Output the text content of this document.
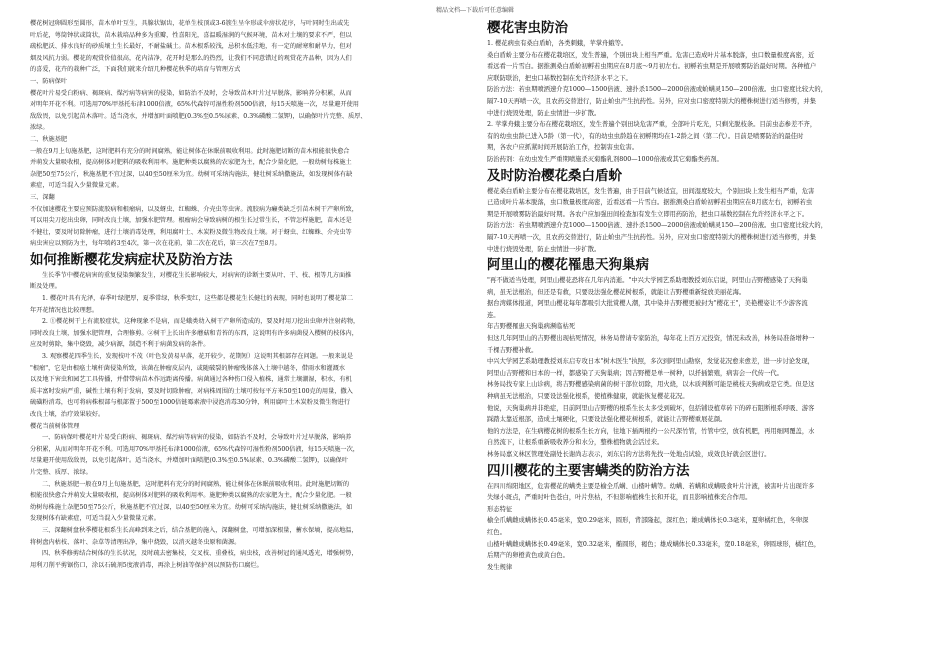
精品文档---下载后可任意编辑

樱花树冠卵圆形至圆形，苗木单叶互生，具腺状锯齿，花单生枝顶或3-6簇生呈伞形或伞房状花序，与叶同时生出或先

叶后花，萼筒钟状或筒状，苗木栽培品种多为重瓣，性喜阳光，喜温暖湿润的气候环境，苗木对土壤的要求不严，但以

疏松肥沃、排水良好的砂质壤土生长最好，不耐盐碱土。苗木根系较浅，忌积水低洼地，有一定的耐寒和耐旱力，但对

烟及风抗力弱。樱花的观赏价值很高，花内洁净，花开时是那么的热烈，让我们不同意错过的观赏花卉品种，因为人们

的喜爱，花卉的栽种广泛，下面我们就来介绍几种樱花秋季的培育与管理方式

一、防病保叶

樱花叶片易受白粉病、褐斑病、煤污病等病害的侵染，如防治不及时，会导致苗木叶片过早脱落，影响养分积累，从而

对明年开花不利。可选用70%甲基托布津1000倍液，65%代森锌可湿性粉剂500倍液，每15天喷施一次，尽量避开使用

敌敌畏，以免引起苗木落叶。适当浇水，并增加叶面喷肥(0.3%至0.5%尿素、0.3%磷酸二氢钾)，以确保叶片完整、质厚、

浓绿。

二、秋施基肥

一般在9月上旬施基肥，这时肥料有充分的时间腐熟，能让树体在休眠前吸收利用。此时施肥切断的苗木根能很快愈合

并萌发大量吸收根，提高树体对肥料的吸收利用率。施肥种类以腐熟的农家肥为主，配合少量化肥，一般幼树每株施土

杂肥50至75公斤，秋施基肥不宜过深，以40至50厘米为宜。幼树可采纳沟施法，健壮树采纳撒施法，如发现树体有缺

素症，可适当混入少量微量元素。

三、深翻

不仅加速樱花主要应预防流胶病和根瘤病，以及蚜虫、红蜘蛛、介壳虫等虫害。流胶病为癞类缺乏引苗木树干产卵所致，

可以用尖刀挖出虫卵，同时改良土壤，加强水肥管理。根瘤病会导致病树的根生长过常生长，不管怎样施肥，苗木还是

不健壮，要及时切除肿瘤，进行土壤消毒处理，利用腐叶土、木炭粉及微生物改良土壤。对于蚜虫、红蜘蛛、介壳虫等

病虫害应以预防为主，每年喷药3至4次，第一次在花前，第二次在花后，第三次在7至8月。

如何推断樱花发病症状及防治方法

生长季节中樱花病害的重复侵染频繁发生，对樱花生长影响较大，对病害的诊断主要从叶、干、枝、根等几方面推

断及处理。

1. 樱花叶具有光泽，春季叶绿肥厚，夏季常绿，秋季变红，这些都是樱花生长健壮的表现，同时也说明了樱花第二

年开花情况也比较理想。

2. ①樱花树干上有流胶症状，这种现象不是病，而是蛾类幼入树干产卵所造成的，要及时用刀挖出虫卵并注射药物，

同时改良土壤，加强水肥管理，合理修剪。②树干上长出许多蘑菇和青苔的东西，这说明有许多病菌侵入樱树的枝体内，

应及时剪除，集中烧毁，减少病源，制造不利于病菌发病的条件。

3. 观察樱花四季生长，发现枝叶不茂（叶色发黄易早落，花开较少，花期短）这说明其根部存在问题。一般来说是

"根瘤"，它是由根癌土壤杆菌侵染所致，该菌在肿瘤皮层内，或随破裂的肿瘤残体落入土壤中越冬，借雨水和灌溉水

以及地下害虫和园艺工具传播，并借带病苗木作远距离传播。病菌通过各种伤口侵入植株，通常土壤潮湿，积水，有机

质丰富时发病严重，碱性土壤有利于发病，要及时切除肿瘤，对病株周围的土壤可按每平方米50至100克的用量，撒入

硫磺粉消毒，也可将病株根部与根部置于500至1000倍链霉素液中浸泡消毒30分钟，利用腐叶土木炭粉及微生物进行

改良土壤，治疗效果较好。

樱花当前树体管理

一、防病保叶樱花叶片易受白粉病、褐斑病、煤污病等病害的侵染，如防治不及时，会导致叶片过早脱落，影响养

分积累，从而对明年开花不利。可选用70%甲基托布津1000倍液，65%代森锌可湿性粉剂500倍液，每15天喷施一次，

尽量避开使用敌敌畏，以免引起落叶。适当浇水，并增加叶面喷肥(0.3%至0.5%尿素、0.3%磷酸二氢钾)，以确保叶

片完整、质厚、浓绿。

二、秋施基肥一般在9月上旬施基肥，这时肥料有充分的时间腐熟，能让树体在休眠前吸收利用。此时施肥切断的

根能很快愈合并萌发大量吸收根，提高树体对肥料的吸收利用率。施肥种类以腐熟的农家肥为主，配合少量化肥。一般

幼树每株施土杂肥50至75公斤，秋施基肥不宜过深，以40至50厘米为宜。幼树可采纳沟施法，健壮树采纳撒施法，如

发现树体有缺素症，可适当混入少量微量元素。

三、深翻树盘秋季樱花根系生长高峰到来之后，结合基肥的施入，深翻树盘，可增加深根量，蓄水保墒，提高地温，

将树盘内枯枝、落叶、杂草等清理出净，集中烧毁，以消灭越冬虫原和菌源。

四、秋季修剪结合树体的生长状况，及时疏去密集枝，交叉枝、重叠枝，病虫枝，改善树冠的通风透光，增强树势，

用利刀削平剪锯伤口，涂以石硫剂5度液消毒，再涂上树油等保护剂以预防伤口腐烂。

樱花害虫防治

1. 樱花病虫有桑白盾蚧，各类刺蛾，苹掌舟蛾等。

桑白盾蚧主要分布在樱花栽培区，发生普遍，个别田块上相当严重。危害已造成叶片基本脱落，虫口数量极度高密，近

看远看一片雪白。据推测桑白盾蚧初孵若虫期应在8月底～9月初左右。初孵若虫期是开展喷雾防治最好时期。各种植户

应联防联治，把虫口基数控制在允许经济水平之下。

防治方法：若虫期喷洒速介克1000—1500倍液、速扑杀1500—2000倍液或蚧螨灵150—200倍液。虫口密度比较大的，

隔7-10天再喷一次，且农药交替进行，防止蚧虫产生抗药性。另外，应对虫口密度特别大的樱株树进行适当修剪，并集

中进行烧毁处理，防止虫情进一步扩散。

2. 苹掌舟蛾主要分布在樱花栽培区，发生普遍个别田块危害严重，全部叶片吃光，只剩光脱枝条。目前虫态参差不齐，

有的幼虫虫龄已进入5龄（第一代），有的幼虫虫龄趋在初孵期均在1-2龄之间（第二代）。目前是喷雾防治的最佳时

期，各农户应抓紧时间开展防治工作，控制害虫危害。

防治药剂：在幼虫发生严重期喷施杀灭菊酯乳剂800—1000倍液或其它菊酯类药剂。

及时防治樱花桑白盾蚧

樱花桑白盾蚧主要分布在樱花栽培区，发生普遍，由于目前气候适宜，田间湿度较大，个别田块上发生相当严重，危害

已造成叶片基本脱落，虫口数量极度高密，近看远看一片雪白。据推测桑白盾蚧初孵若虫期应在8月底左右，初孵若虫

期是开展喷雾防治最好时期。各农户应加强田间检查加有发生立即用药防治，把虫口基数控制在允许经济水平之下。

防治方法：若虫期喷洒速介克1000—1500倍液、速扑杀1500—2000倍液或蚧螨灵150—200倍液。虫口密度比较大的，

隔7-10天再喷一次，且农药交替进行，防止蚧虫产生抗药性。另外，应对虫口密度特别大的樱株树进行适当修剪，并集

中进行烧毁处理，防止虫情进一步扩散。

阿里山的樱花罹患天狗巢病

"再不做适当处理，阿里山樱花恐将在几年内消逝。"中兴大学园艺系助理教授刘东启说，阿里山吉野樱感染了天狗巢

病，虽无法根治，但还是有救，只要设法强化樱花树根系，就能让吉野樱重新绽放美丽花海。

据台湾媒体报道，阿里山樱花每年都吸引大批赏樱人潮，其中染井吉野樱更被封为"樱花王"，美艳樱姿让不少游客流

连。

年吉野樱罹患天狗巢病濒临枯死

但这几年阿里山的吉野樱出现枯死情况，林务局曾请专家防治，每年花上百万元投资，情况未改善，林务局准备增种一

千棵吉野樱补救。

中兴大学园艺系助理教授刘东启专攻日本"树木医生"执照，多次到阿里山勘察，发觉花况愈来愈差，进一步讨论发现，

阿里山吉野樱和日本的一样，都感染了天狗巢病；因吉野樱是单一树种，以扦插繁殖，病害会一代传一代。

林务局找专家上山诊病，将吉野樱感染病菌的树干部位切除，用火烧，以木质判断可能是桃枝天狗病或是它类。但是这

种病虽无法根治，只要设法强化根系，使植株健康，就能恢复樱花花况。

他说，天狗巢病并非绝症，目前阿里山吉野樱的根系生长太多受到破坏，包括铺设植草砖下的碎石阻断根系呼吸、游客

踩踏太靠近根部，造成土壤硬化，只要设法强化樱花树根系，就能让吉野樱重展花颜。

他的方法是，在生病樱花树的根系生长方向，往地下插两根约一公尺深竹管，竹管中空，放有机肥，再用细网覆盖，水

自然流下，让根系重新吸收养分和水分，整株植物就会活过来。

林务局嘉义林区管理处副处长谢尚志表示，刘东启的方法将先找一处地点试验，成效良好就会区进行。

四川樱花的主要害螨类的防治方法

在四川绵阳地区，危害樱花的螨类主要是榆全爪螨、山楂叶螨等。幼螨、若螨和成螨吸食叶片汁液，被害叶片出现许多

失绿小斑点，严重时叶色苍白，叶片焦枯，不但影响植株生长和开花，而且影响植株充合作用。

形态特征

榆全爪螨雌成螨体长0.45毫米，宽0.29毫米，圆形，背部隆起，深红色；雄成螨体长0.3毫米，夏卵橘红色，冬卵深

红色。

山楂叶螨雌成螨体长0.49毫米，宽0.32毫米，椭圆形，褐色；雄成螨体长0.33毫米，宽0.18毫米，卵圆球形，橘红色，

后期产的卵橙黄色或黄白色。

发生规律
